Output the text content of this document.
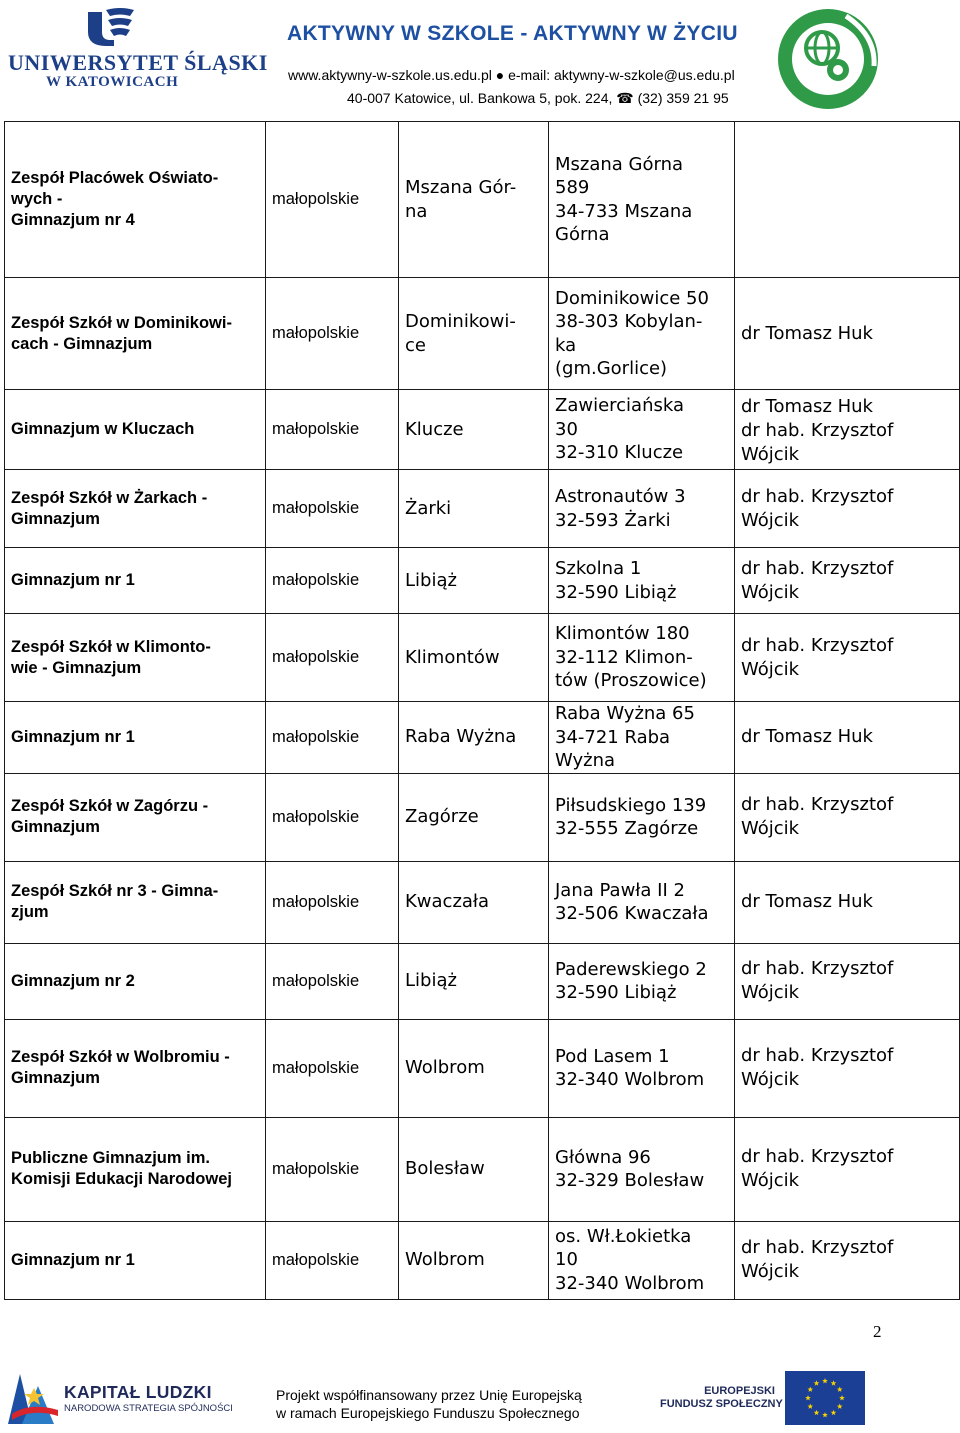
UNIWERSYTET ŚLĄSKI
W KATOWICACH
AKTYWNY W SZKOLE - AKTYWNY W ŻYCIU
www.aktywny-w-szkole.us.edu.pl ● e-mail: aktywny-w-szkole@us.edu.pl
40-007 Katowice, ul. Bankowa 5, pok. 224, ☎ (32) 359 21 95
Zespół Placówek Oświato-
wych -
Gimnazjum nr 4	małopolskie	Mszana Gór-
na	Mszana Górna
589
34-733 Mszana
Górna	

Zespół Szkół w Dominikowi-
cach - Gimnazjum	małopolskie	Dominikowi-
ce	Dominikowice 50
38-303 Kobylan-
ka
(gm.Gorlice)	dr Tomasz Huk

Gimnazjum w Kluczach	małopolskie	Klucze	Zawierciańska
30
32-310 Klucze	dr Tomasz Huk
dr hab. Krzysztof
Wójcik

Zespół Szkół w Żarkach -
Gimnazjum	małopolskie	Żarki	Astronautów 3
32-593 Żarki	dr hab. Krzysztof
Wójcik

Gimnazjum nr 1	małopolskie	Libiąż	Szkolna 1
32-590 Libiąż	dr hab. Krzysztof
Wójcik

Zespół Szkół w Klimonto-
wie - Gimnazjum	małopolskie	Klimontów	Klimontów 180
32-112 Klimon-
tów (Proszowice)	dr hab. Krzysztof
Wójcik

Gimnazjum nr 1	małopolskie	Raba Wyżna	Raba Wyżna 65
34-721 Raba
Wyżna	dr Tomasz Huk

Zespół Szkół w Zagórzu -
Gimnazjum	małopolskie	Zagórze	Piłsudskiego 139
32-555 Zagórze	dr hab. Krzysztof
Wójcik

Zespół Szkół nr 3 - Gimna-
zjum	małopolskie	Kwaczała	Jana Pawła II 2
32-506 Kwaczała	dr Tomasz Huk

Gimnazjum nr 2	małopolskie	Libiąż	Paderewskiego 2
32-590 Libiąż	dr hab. Krzysztof
Wójcik

Zespół Szkół w Wolbromiu -
Gimnazjum	małopolskie	Wolbrom	Pod Lasem 1
32-340 Wolbrom	dr hab. Krzysztof
Wójcik

Publiczne Gimnazjum im.
Komisji Edukacji Narodowej	małopolskie	Bolesław	Główna 96
32-329 Bolesław	dr hab. Krzysztof
Wójcik

Gimnazjum nr 1	małopolskie	Wolbrom	os. Wł.Łokietka
10
32-340 Wolbrom	dr hab. Krzysztof
Wójcik
2
KAPITAŁ LUDZKI
NARODOWA STRATEGIA SPÓJNOŚCI
Projekt współfinansowany przez Unię Europejską
w ramach Europejskiego Funduszu Społecznego
EUROPEJSKI
FUNDUSZ SPOŁECZNY
